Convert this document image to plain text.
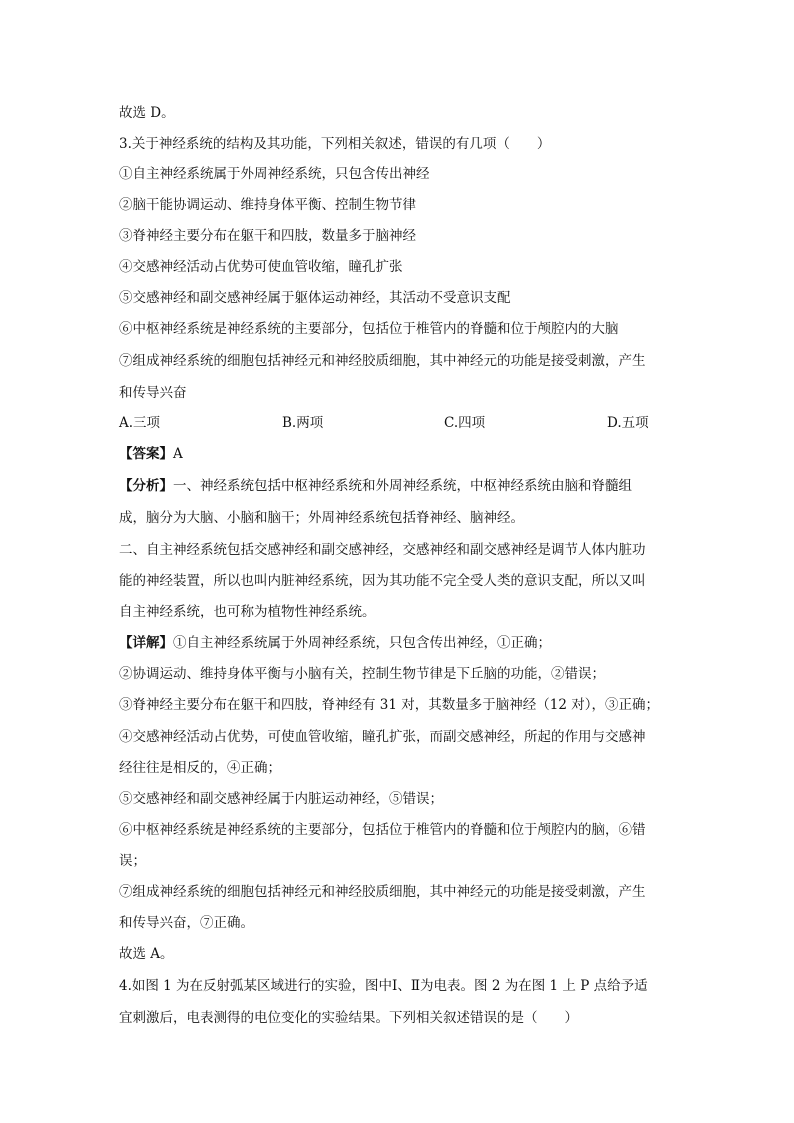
故选 D。
3.关于神经系统的结构及其功能，下列相关叙述，错误的有几项（　　）
①自主神经系统属于外周神经系统，只包含传出神经
②脑干能协调运动、维持身体平衡、控制生物节律
③脊神经主要分布在躯干和四肢，数量多于脑神经
④交感神经活动占优势可使血管收缩，瞳孔扩张
⑤交感神经和副交感神经属于躯体运动神经，其活动不受意识支配
⑥中枢神经系统是神经系统的主要部分，包括位于椎管内的脊髓和位于颅腔内的大脑
⑦组成神经系统的细胞包括神经元和神经胶质细胞，其中神经元的功能是接受刺激，产生
和传导兴奋
A.三项	B.两项	C.四项	D.五项
【答案】A
【分析】一、神经系统包括中枢神经系统和外周神经系统，中枢神经系统由脑和脊髓组
成，脑分为大脑、小脑和脑干；外周神经系统包括脊神经、脑神经。
二、自主神经系统包括交感神经和副交感神经，交感神经和副交感神经是调节人体内脏功
能的神经装置，所以也叫内脏神经系统，因为其功能不完全受人类的意识支配，所以又叫
自主神经系统，也可称为植物性神经系统。
【详解】①自主神经系统属于外周神经系统，只包含传出神经，①正确；
②协调运动、维持身体平衡与小脑有关，控制生物节律是下丘脑的功能，②错误；
③脊神经主要分布在躯干和四肢，脊神经有 31 对，其数量多于脑神经（12 对），③正确；
④交感神经活动占优势，可使血管收缩，瞳孔扩张，而副交感神经，所起的作用与交感神
经往往是相反的，④正确；
⑤交感神经和副交感神经属于内脏运动神经，⑤错误；
⑥中枢神经系统是神经系统的主要部分，包括位于椎管内的脊髓和位于颅腔内的脑，⑥错
误；
⑦组成神经系统的细胞包括神经元和神经胶质细胞，其中神经元的功能是接受刺激，产生
和传导兴奋，⑦正确。
故选 A。
4.如图 1 为在反射弧某区域进行的实验，图中Ⅰ、Ⅱ为电表。图 2 为在图 1 上 P 点给予适
宜刺激后，电表测得的电位变化的实验结果。下列相关叙述错误的是（　　）
